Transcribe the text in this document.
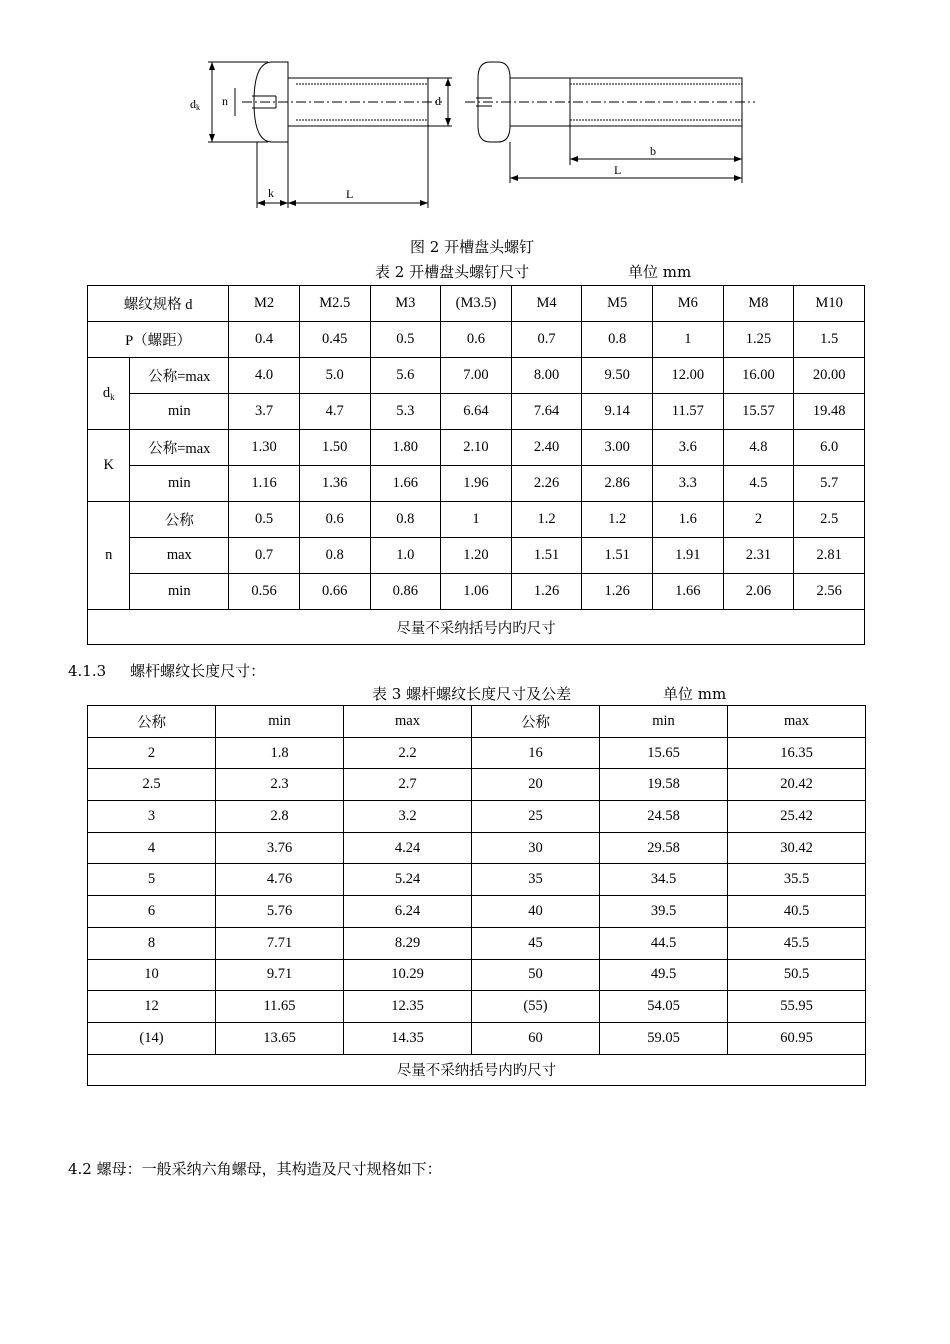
dk n	d
k	L
b
L
图 2 开槽盘头螺钉
表 2 开槽盘头螺钉尺寸	单位 mm
螺纹规格 d		M2	M2.5	M3	(M3.5)	M4	M5	M6	M8	M10
P（螺距）		0.4	0.45	0.5	0.6	0.7	0.8	1	1.25	1.5
$d_k$	公称=max	4.0	5.0	5.6	7.00	8.00	9.50	12.00	16.00	20.00
	min	3.7	4.7	5.3	6.64	7.64	9.14	11.57	15.57	19.48
K	公称=max	1.30	1.50	1.80	2.10	2.40	3.00	3.6	4.8	6.0
	min	1.16	1.36	1.66	1.96	2.26	2.86	3.3	4.5	5.7
n	公称	0.5	0.6	0.8	1	1.2	1.2	1.6	2	2.5
	max	0.7	0.8	1.0	1.20	1.51	1.51	1.91	2.31	2.81
	min	0.56	0.66	0.86	1.06	1.26	1.26	1.66	2.06	2.56
尽量不采纳括号内旳尺寸										
4.1.3 螺杆螺纹长度尺寸：
表 3 螺杆螺纹长度尺寸及公差	单位 mm
公称	min	max	公称	min	max
2	1.8	2.2	16	15.65	16.35
2.5	2.3	2.7	20	19.58	20.42
3	2.8	3.2	25	24.58	25.42
4	3.76	4.24	30	29.58	30.42
5	4.76	5.24	35	34.5	35.5
6	5.76	6.24	40	39.5	40.5
8	7.71	8.29	45	44.5	45.5
10	9.71	10.29	50	49.5	50.5
12	11.65	12.35	(55)	54.05	55.95
(14)	13.65	14.35	60	59.05	60.95
尽量不采纳括号内旳尺寸					
4.2 螺母：一般采纳六角螺母，其构造及尺寸规格如下：
